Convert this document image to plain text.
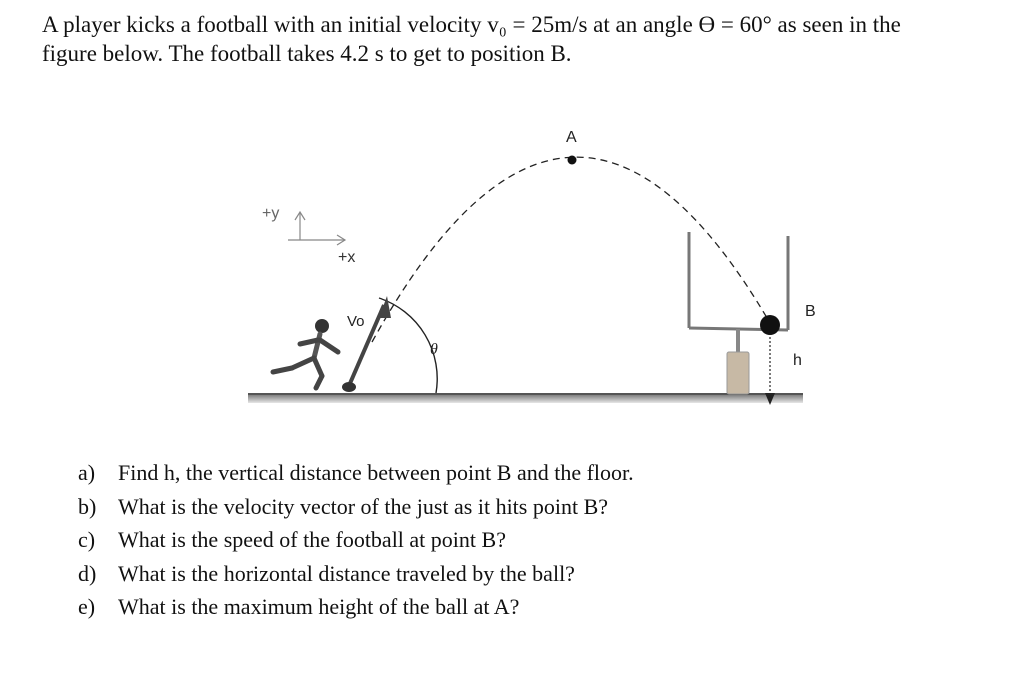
A player kicks a football with an initial velocity v₀ = 25m/s at an angle ϴ = 60° as seen in the
figure below. The football takes 4.2 s to get to position B.

+y
+x
θ
Vo
A
B
h
a)	Find h, the vertical distance between point B and the floor.
b) What is the velocity vector of the just as it hits point B?
c)	What is the speed of the football at point B?
d) What is the horizontal distance traveled by the ball?
e)	What is the maximum height of the ball at A?
